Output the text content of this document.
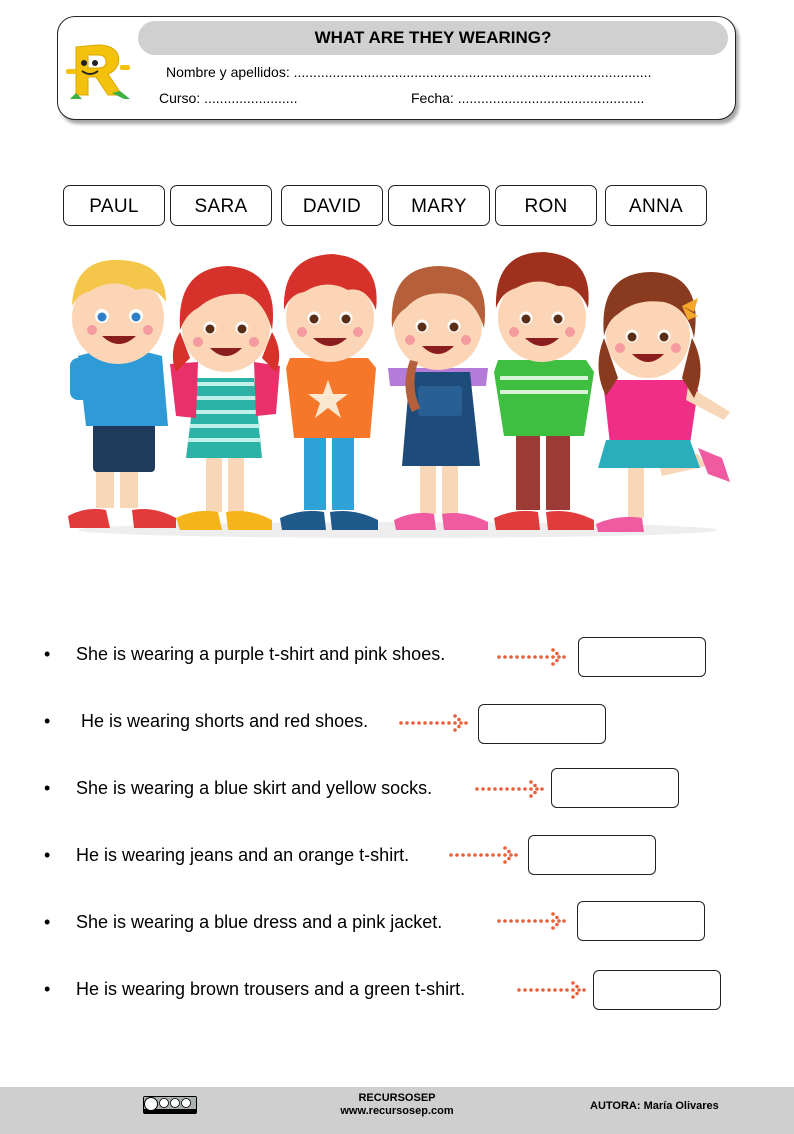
WHAT ARE THEY WEARING?
Nombre y apellidos: ............................................................................................
Curso: ........................	Fecha: ................................................
PAUL	SARA	DAVID	MARY	RON	ANNA
• She is wearing a purple t-shirt and pink shoes.
• He is wearing shorts and red shoes.
• She is wearing a blue skirt and yellow socks.
• He is wearing jeans and an orange t-shirt.
• She is wearing a blue dress and a pink jacket.
• He is wearing brown trousers and a green t-shirt.
RECURSOSEP
www.recursosep.com	AUTORA: María Olivares
